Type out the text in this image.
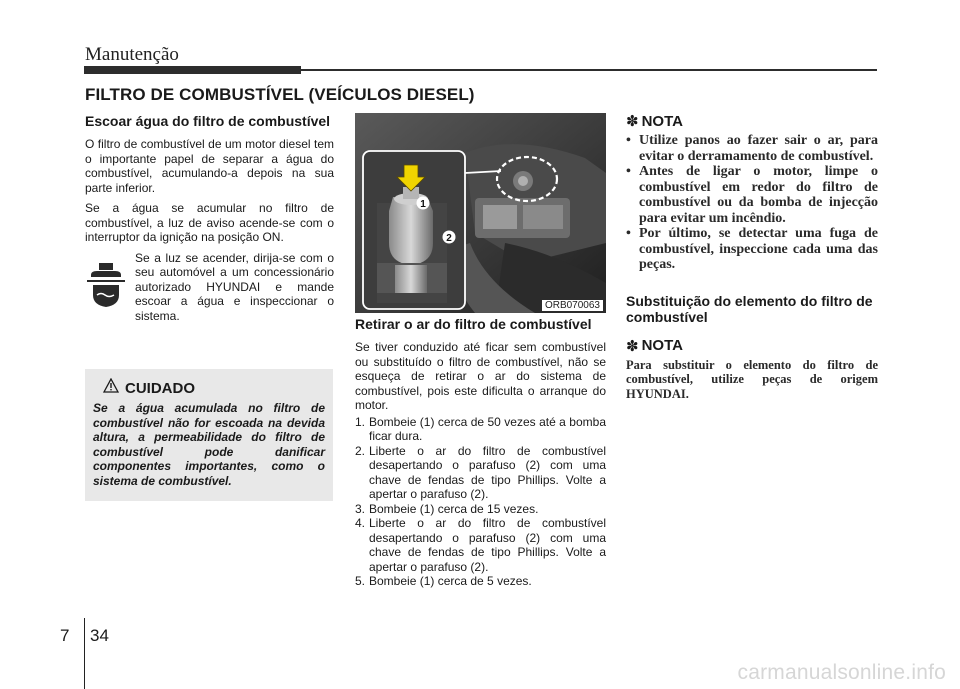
Manutenção
FILTRO DE COMBUSTÍVEL (VEÍCULOS DIESEL)
Escoar água do filtro de combustível

O filtro de combustível de um motor diesel tem o importante papel de separar a água do combustível, acumulando-a depois na sua parte inferior.

Se a água se acumular no filtro de combustível, a luz de aviso acende-se com o interruptor da ignição na posição ON.

Se a luz se acender, dirija-se com o seu automóvel a um concessionário autorizado HYUNDAI e mande escoar a água e inspeccionar o sistema.

CUIDADO
Se a água acumulada no filtro de combustível não for escoada na devida altura, a permeabilidade do filtro de combustível pode danificar componentes importantes, como o sistema de combustível.
1
2
ORB070063
Retirar o ar do filtro de combustível

Se tiver conduzido até ficar sem combustível ou substituído o filtro de combustível, não se esqueça de retirar o ar do sistema de combustível, pois este dificulta o arranque do motor.

1. Bombeie (1) cerca de 50 vezes até a bomba ficar dura.
2. Liberte o ar do filtro de combustível desapertando o parafuso (2) com uma chave de fendas de tipo Phillips. Volte a apertar o parafuso (2).
3. Bombeie (1) cerca de 15 vezes.
4. Liberte o ar do filtro de combustível desapertando o parafuso (2) com uma chave de fendas de tipo Phillips. Volte a apertar o parafuso (2).
5. Bombeie (1) cerca de 5 vezes.
✽ NOTA
• Utilize panos ao fazer sair o ar, para evitar o derramamento de combustível.
• Antes de ligar o motor, limpe o combustível em redor do filtro de combustível ou da bomba de injecção para evitar um incêndio.
• Por último, se detectar uma fuga de combustível, inspeccione cada uma das peças.
Substituição do elemento do filtro de combustível
✽ NOTA
Para substituir o elemento do filtro de combustível, utilize peças de origem HYUNDAI.
7 34
carmanualsonline.info
